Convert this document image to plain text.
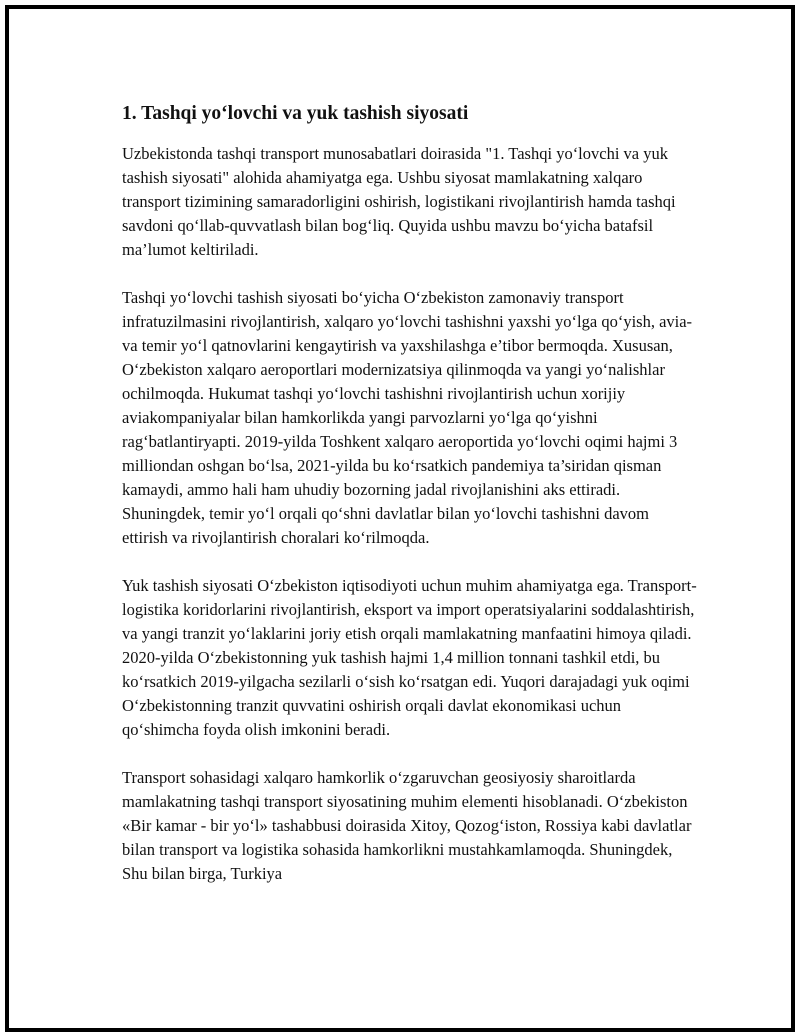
1. Tashqi yo‘lovchi va yuk tashish siyosati

Uzbekistonda tashqi transport munosabatlari doirasida "1. Tashqi yo‘lovchi va yuk tashish siyosati" alohida ahamiyatga ega. Ushbu siyosat mamlakatning xalqaro transport tizimining samaradorligini oshirish, logistikani rivojlantirish hamda tashqi savdoni qo‘llab-quvvatlash bilan bog‘liq. Quyida ushbu mavzu bo‘yicha batafsil ma’lumot keltiriladi.

Tashqi yo‘lovchi tashish siyosati bo‘yicha O‘zbekiston zamonaviy transport infratuzilmasini rivojlantirish, xalqaro yo‘lovchi tashishni yaxshi yo‘lga qo‘yish, avia- va temir yo‘l qatnovlarini kengaytirish va yaxshilashga e’tibor bermoqda. Xususan, O‘zbekiston xalqaro aeroportlari modernizatsiya qilinmoqda va yangi yo‘nalishlar ochilmoqda. Hukumat tashqi yo‘lovchi tashishni rivojlantirish uchun xorijiy aviakompaniyalar bilan hamkorlikda yangi parvozlarni yo‘lga qo‘yishni rag‘batlantiryapti. 2019-yilda Toshkent xalqaro aeroportida yo‘lovchi oqimi hajmi 3 milliondan oshgan bo‘lsa, 2021-yilda bu ko‘rsatkich pandemiya ta’siridan qisman kamaydi, ammo hali ham uhudiy bozorning jadal rivojlanishini aks ettiradi. Shuningdek, temir yo‘l orqali qo‘shni davlatlar bilan yo‘lovchi tashishni davom ettirish va rivojlantirish choralari ko‘rilmoqda.

Yuk tashish siyosati O‘zbekiston iqtisodiyoti uchun muhim ahamiyatga ega. Transport-logistika koridorlarini rivojlantirish, eksport va import operatsiyalarini soddalashtirish, va yangi tranzit yo‘laklarini joriy etish orqali mamlakatning manfaatini himoya qiladi. 2020-yilda O‘zbekistonning yuk tashish hajmi 1,4 million tonnani tashkil etdi, bu ko‘rsatkich 2019-yilgacha sezilarli o‘sish ko‘rsatgan edi. Yuqori darajadagi yuk oqimi O‘zbekistonning tranzit quvvatini oshirish orqali davlat ekonomikasi uchun qo‘shimcha foyda olish imkonini beradi.

Transport sohasidagi xalqaro hamkorlik o‘zgaruvchan geosiyosiy sharoitlarda mamlakatning tashqi transport siyosatining muhim elementi hisoblanadi. O‘zbekiston «Bir kamar - bir yo‘l» tashabbusi doirasida Xitoy, Qozog‘iston, Rossiya kabi davlatlar bilan transport va logistika sohasida hamkorlikni mustahkamlamoqda. Shuningdek, Shu bilan birga, Turkiya
